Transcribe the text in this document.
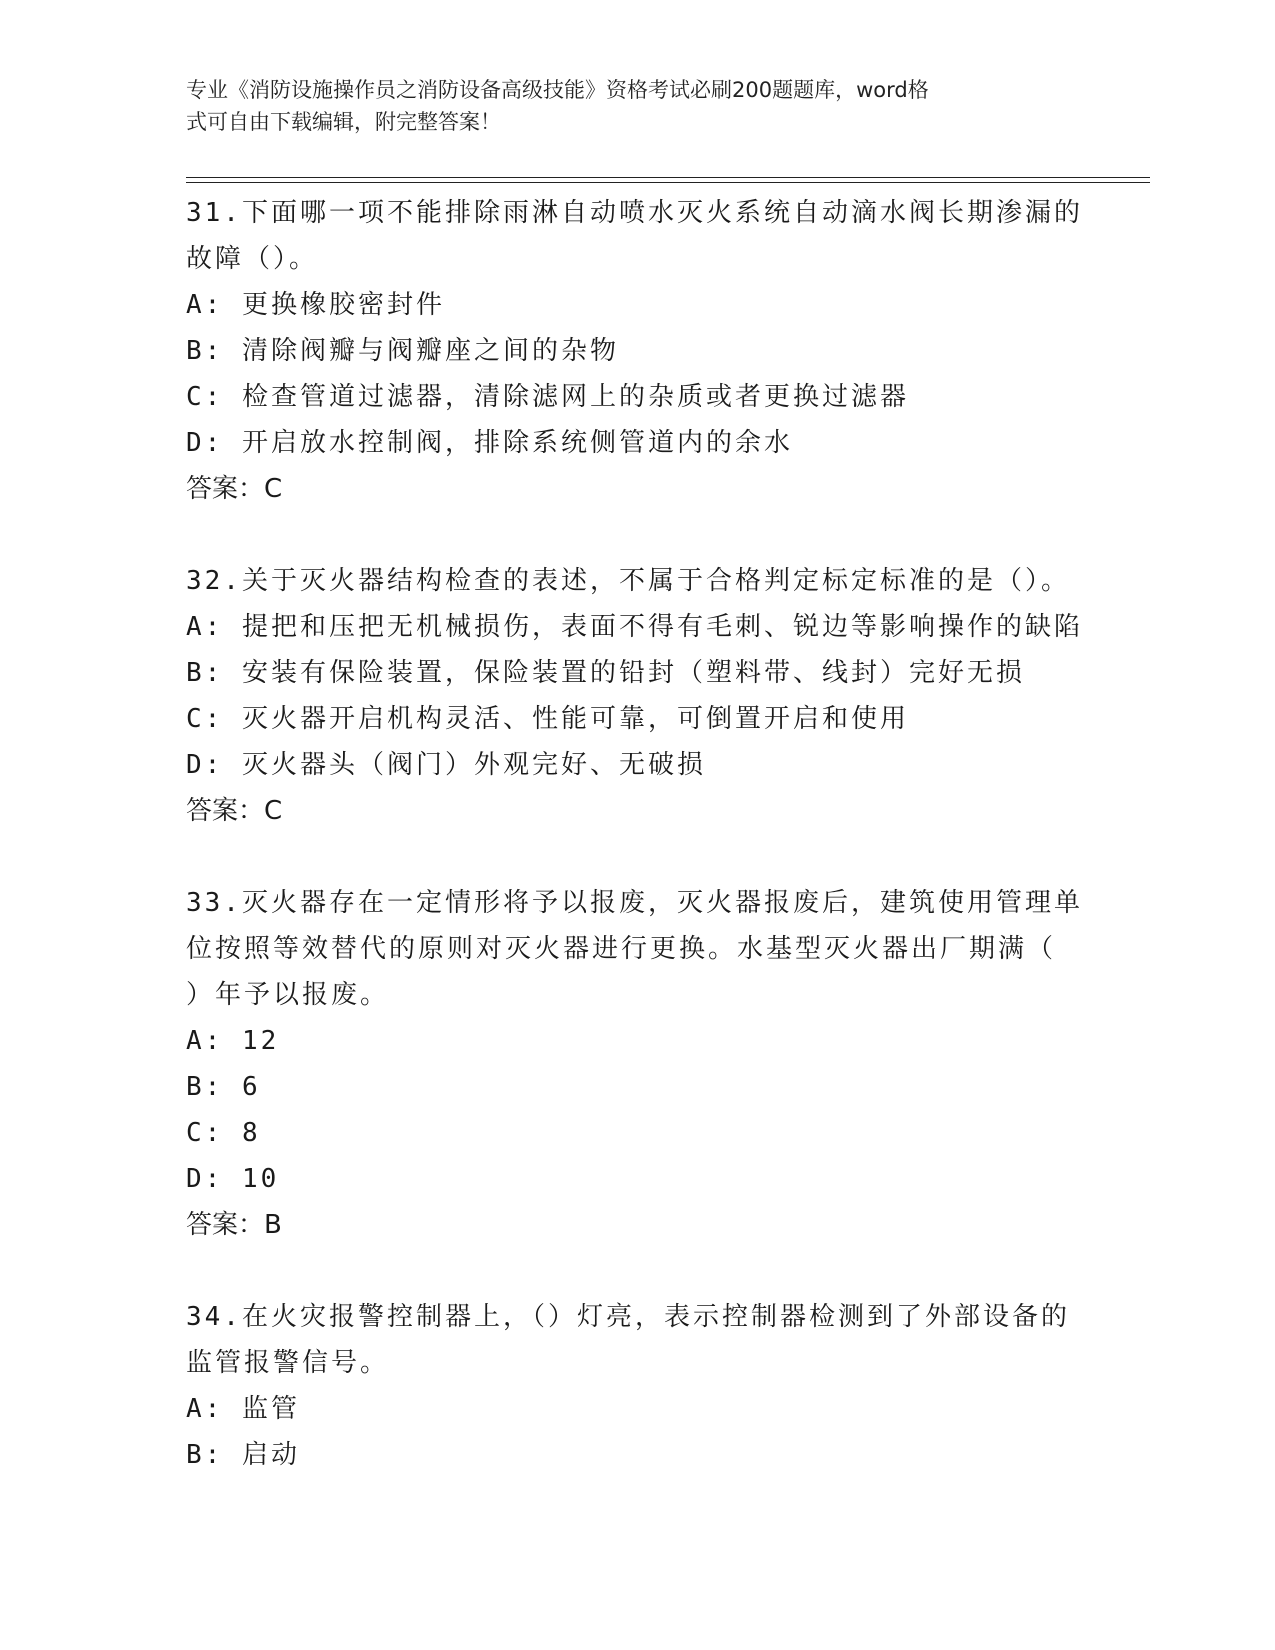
专业《消防设施操作员之消防设备高级技能》资格考试必刷200题题库，word格
式可自由下载编辑，附完整答案！
31.下面哪一项不能排除雨淋自动喷水灭火系统自动滴水阀长期渗漏的
故障（）。
A: 更换橡胶密封件
B: 清除阀瓣与阀瓣座之间的杂物
C: 检查管道过滤器，清除滤网上的杂质或者更换过滤器
D: 开启放水控制阀，排除系统侧管道内的余水
答案：C
32.关于灭火器结构检查的表述，不属于合格判定标定标准的是（）。
A: 提把和压把无机械损伤，表面不得有毛刺、锐边等影响操作的缺陷
B: 安装有保险装置，保险装置的铅封（塑料带、线封）完好无损
C: 灭火器开启机构灵活、性能可靠，可倒置开启和使用
D: 灭火器头（阀门）外观完好、无破损
答案：C
33.灭火器存在一定情形将予以报废，灭火器报废后，建筑使用管理单
位按照等效替代的原则对灭火器进行更换。水基型灭火器出厂期满（
）年予以报废。
A: 12
B: 6
C: 8
D: 10
答案：B
34.在火灾报警控制器上，（）灯亮，表示控制器检测到了外部设备的
监管报警信号。
A: 监管
B: 启动
